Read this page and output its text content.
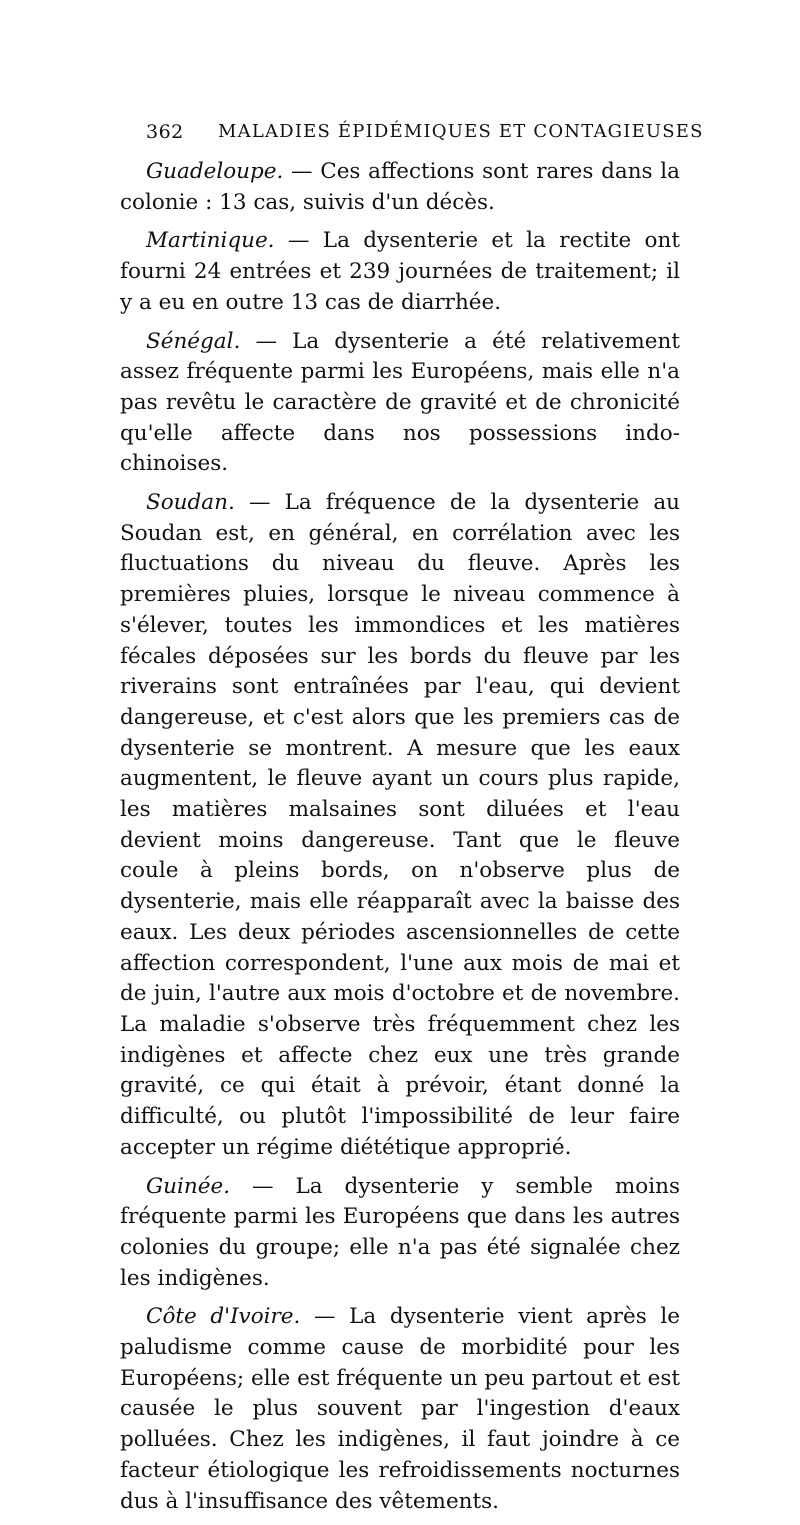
362 MALADIES ÉPIDÉMIQUES ET CONTAGIEUSES

Guadeloupe. — Ces affections sont rares dans la colonie : 13 cas, suivis d'un décès.

Martinique. — La dysenterie et la rectite ont fourni 24 entrées et 239 journées de traitement; il y a eu en outre 13 cas de diarrhée.

Sénégal. — La dysenterie a été relativement assez fréquente parmi les Européens, mais elle n'a pas revêtu le caractère de gravité et de chronicité qu'elle affecte dans nos possessions indo-chinoises.

Soudan. — La fréquence de la dysenterie au Soudan est, en général, en corrélation avec les fluctuations du niveau du fleuve. Après les premières pluies, lorsque le niveau commence à s'élever, toutes les immondices et les matières fécales déposées sur les bords du fleuve par les riverains sont entraînées par l'eau, qui devient dangereuse, et c'est alors que les premiers cas de dysenterie se montrent. A mesure que les eaux augmentent, le fleuve ayant un cours plus rapide, les matières malsaines sont diluées et l'eau devient moins dangereuse. Tant que le fleuve coule à pleins bords, on n'observe plus de dysenterie, mais elle réapparaît avec la baisse des eaux. Les deux périodes ascensionnelles de cette affection correspondent, l'une aux mois de mai et de juin, l'autre aux mois d'octobre et de novembre. La maladie s'observe très fréquemment chez les indigènes et affecte chez eux une très grande gravité, ce qui était à prévoir, étant donné la difficulté, ou plutôt l'impossibilité de leur faire accepter un régime diététique approprié.

Guinée. — La dysenterie y semble moins fréquente parmi les Européens que dans les autres colonies du groupe; elle n'a pas été signalée chez les indigènes.

Côte d'Ivoire. — La dysenterie vient après le paludisme comme cause de morbidité pour les Européens; elle est fréquente un peu partout et est causée le plus souvent par l'ingestion d'eaux polluées. Chez les indigènes, il faut joindre à ce facteur étiologique les refroidissements nocturnes dus à l'insuffisance des vêtements.
